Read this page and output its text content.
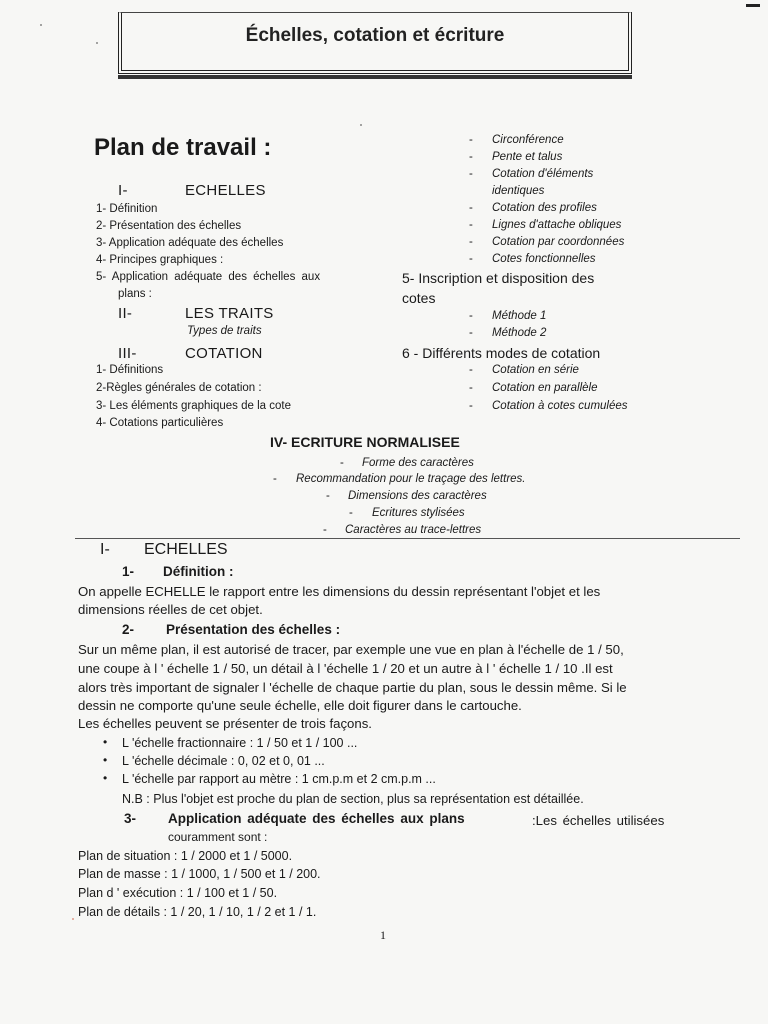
Échelles, cotation et écriture
Plan de travail :
I-	ECHELLES
1- Définition
2- Présentation des échelles
3- Application adéquate des échelles
4- Principes graphiques :
5- Application adéquate des échelles aux
plans :
II-	LES TRAITS
Types de traits
III-	COTATION
1- Définitions
2-Règles générales de cotation :
3- Les éléments graphiques de la cote
4- Cotations particulières
- Circonférence
- Pente et talus
- Cotation d'éléments
identiques
- Cotation des profiles
- Lignes d'attache obliques
- Cotation par coordonnées
- Cotes fonctionnelles
5- Inscription et disposition des
cotes
- Méthode 1
- Méthode 2
6 - Différents modes de cotation
- Cotation en série
- Cotation en parallèle
- Cotation à cotes cumulées
IV- ECRITURE NORMALISEE
- Forme des caractères
- Recommandation pour le traçage des lettres.
- Dimensions des caractères
- Ecritures stylisées
- Caractères au trace-lettres
I- ECHELLES
1- Définition :
On appelle ECHELLE le rapport entre les dimensions du dessin représentant l'objet et les
dimensions réelles de cet objet.
2- Présentation des échelles :
Sur un même plan, il est autorisé de tracer, par exemple une vue en plan à l'échelle de 1 / 50,
une coupe à l ' échelle 1 / 50, un détail à l 'échelle 1 / 20 et un autre à l ' échelle 1 / 10 .Il est
alors très important de signaler l 'échelle de chaque partie du plan, sous le dessin même. Si le
dessin ne comporte qu'une seule échelle, elle doit figurer dans le cartouche.
Les échelles peuvent se présenter de trois façons.
• L 'échelle fractionnaire : 1 / 50 et 1 / 100 ...
• L 'échelle décimale : 0, 02 et 0, 01 ...
• L 'échelle par rapport au mètre : 1 cm.p.m et 2 cm.p.m ...
N.B : Plus l'objet est proche du plan de section, plus sa représentation est détaillée.
3- Application adéquate des échelles aux plans	:Les échelles utilisées
couramment sont :
Plan de situation : 1 / 2000 et 1 / 5000.
Plan de masse : 1 / 1000, 1 / 500 et 1 / 200.
Plan d ' exécution : 1 / 100 et 1 / 50.
Plan de détails : 1 / 20, 1 / 10, 1 / 2 et 1 / 1.
1
